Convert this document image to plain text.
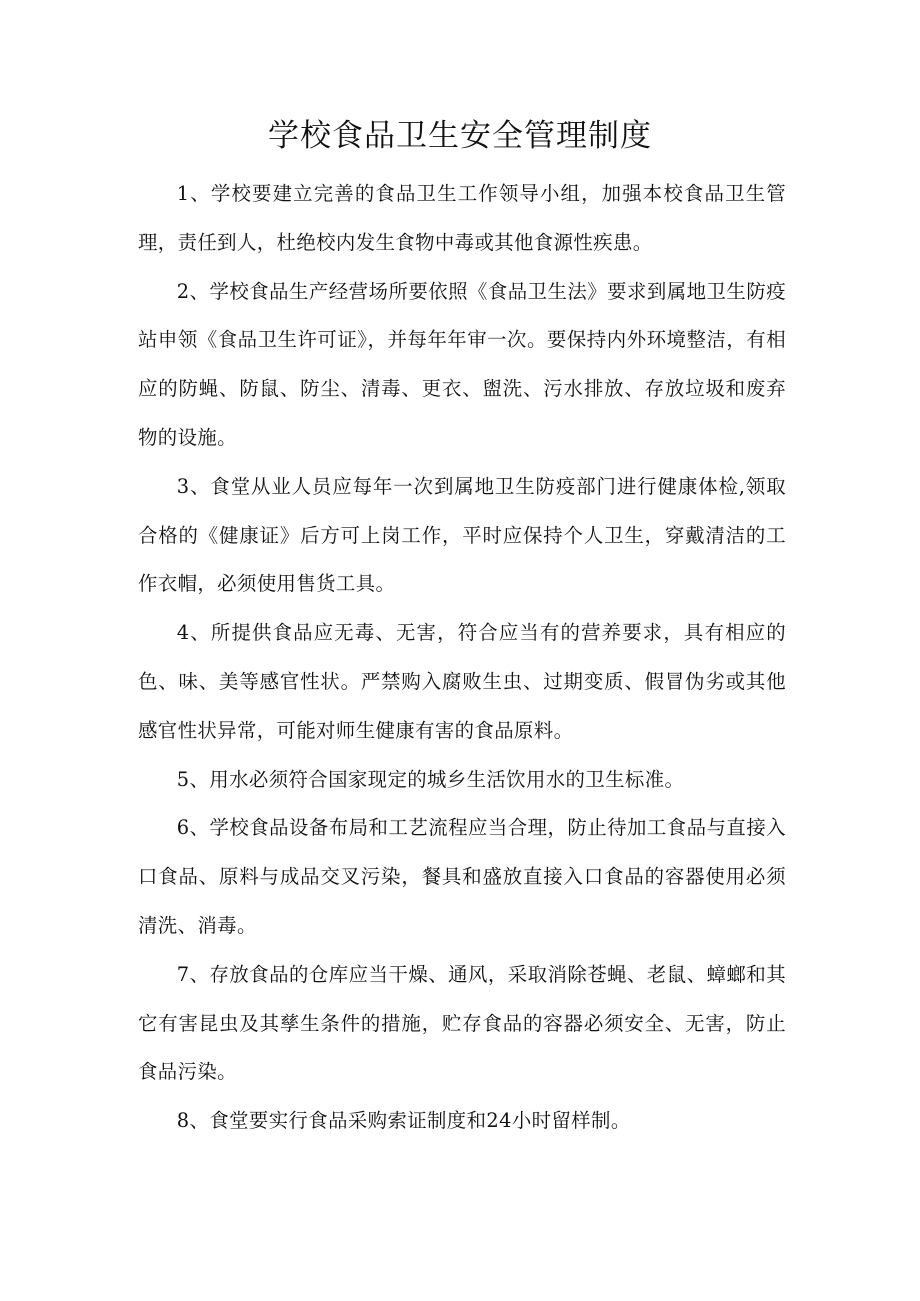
学校食品卫生安全管理制度

1、学校要建立完善的食品卫生工作领导小组，加强本校食品卫生管理，责任到人，杜绝校内发生食物中毒或其他食源性疾患。

2、学校食品生产经营场所要依照《食品卫生法》要求到属地卫生防疫站申领《食品卫生许可证》，并每年年审一次。要保持内外环境整洁，有相应的防蝇、防鼠、防尘、清毒、更衣、盥洗、污水排放、存放垃圾和废弃物的设施。

3、食堂从业人员应每年一次到属地卫生防疫部门进行健康体检,领取合格的《健康证》后方可上岗工作，平时应保持个人卫生，穿戴清洁的工作衣帽，必须使用售货工具。

4、所提供食品应无毒、无害，符合应当有的营养要求，具有相应的色、味、美等感官性状。严禁购入腐败生虫、过期变质、假冒伪劣或其他感官性状异常，可能对师生健康有害的食品原料。

5、用水必须符合国家现定的城乡生活饮用水的卫生标准。

6、学校食品设备布局和工艺流程应当合理，防止待加工食品与直接入口食品、原料与成品交叉污染，餐具和盛放直接入口食品的容器使用必须清洗、消毒。

7、存放食品的仓库应当干燥、通风，采取消除苍蝇、老鼠、蟑螂和其它有害昆虫及其孳生条件的措施，贮存食品的容器必须安全、无害，防止食品污染。

8、食堂要实行食品采购索证制度和24小时留样制。
